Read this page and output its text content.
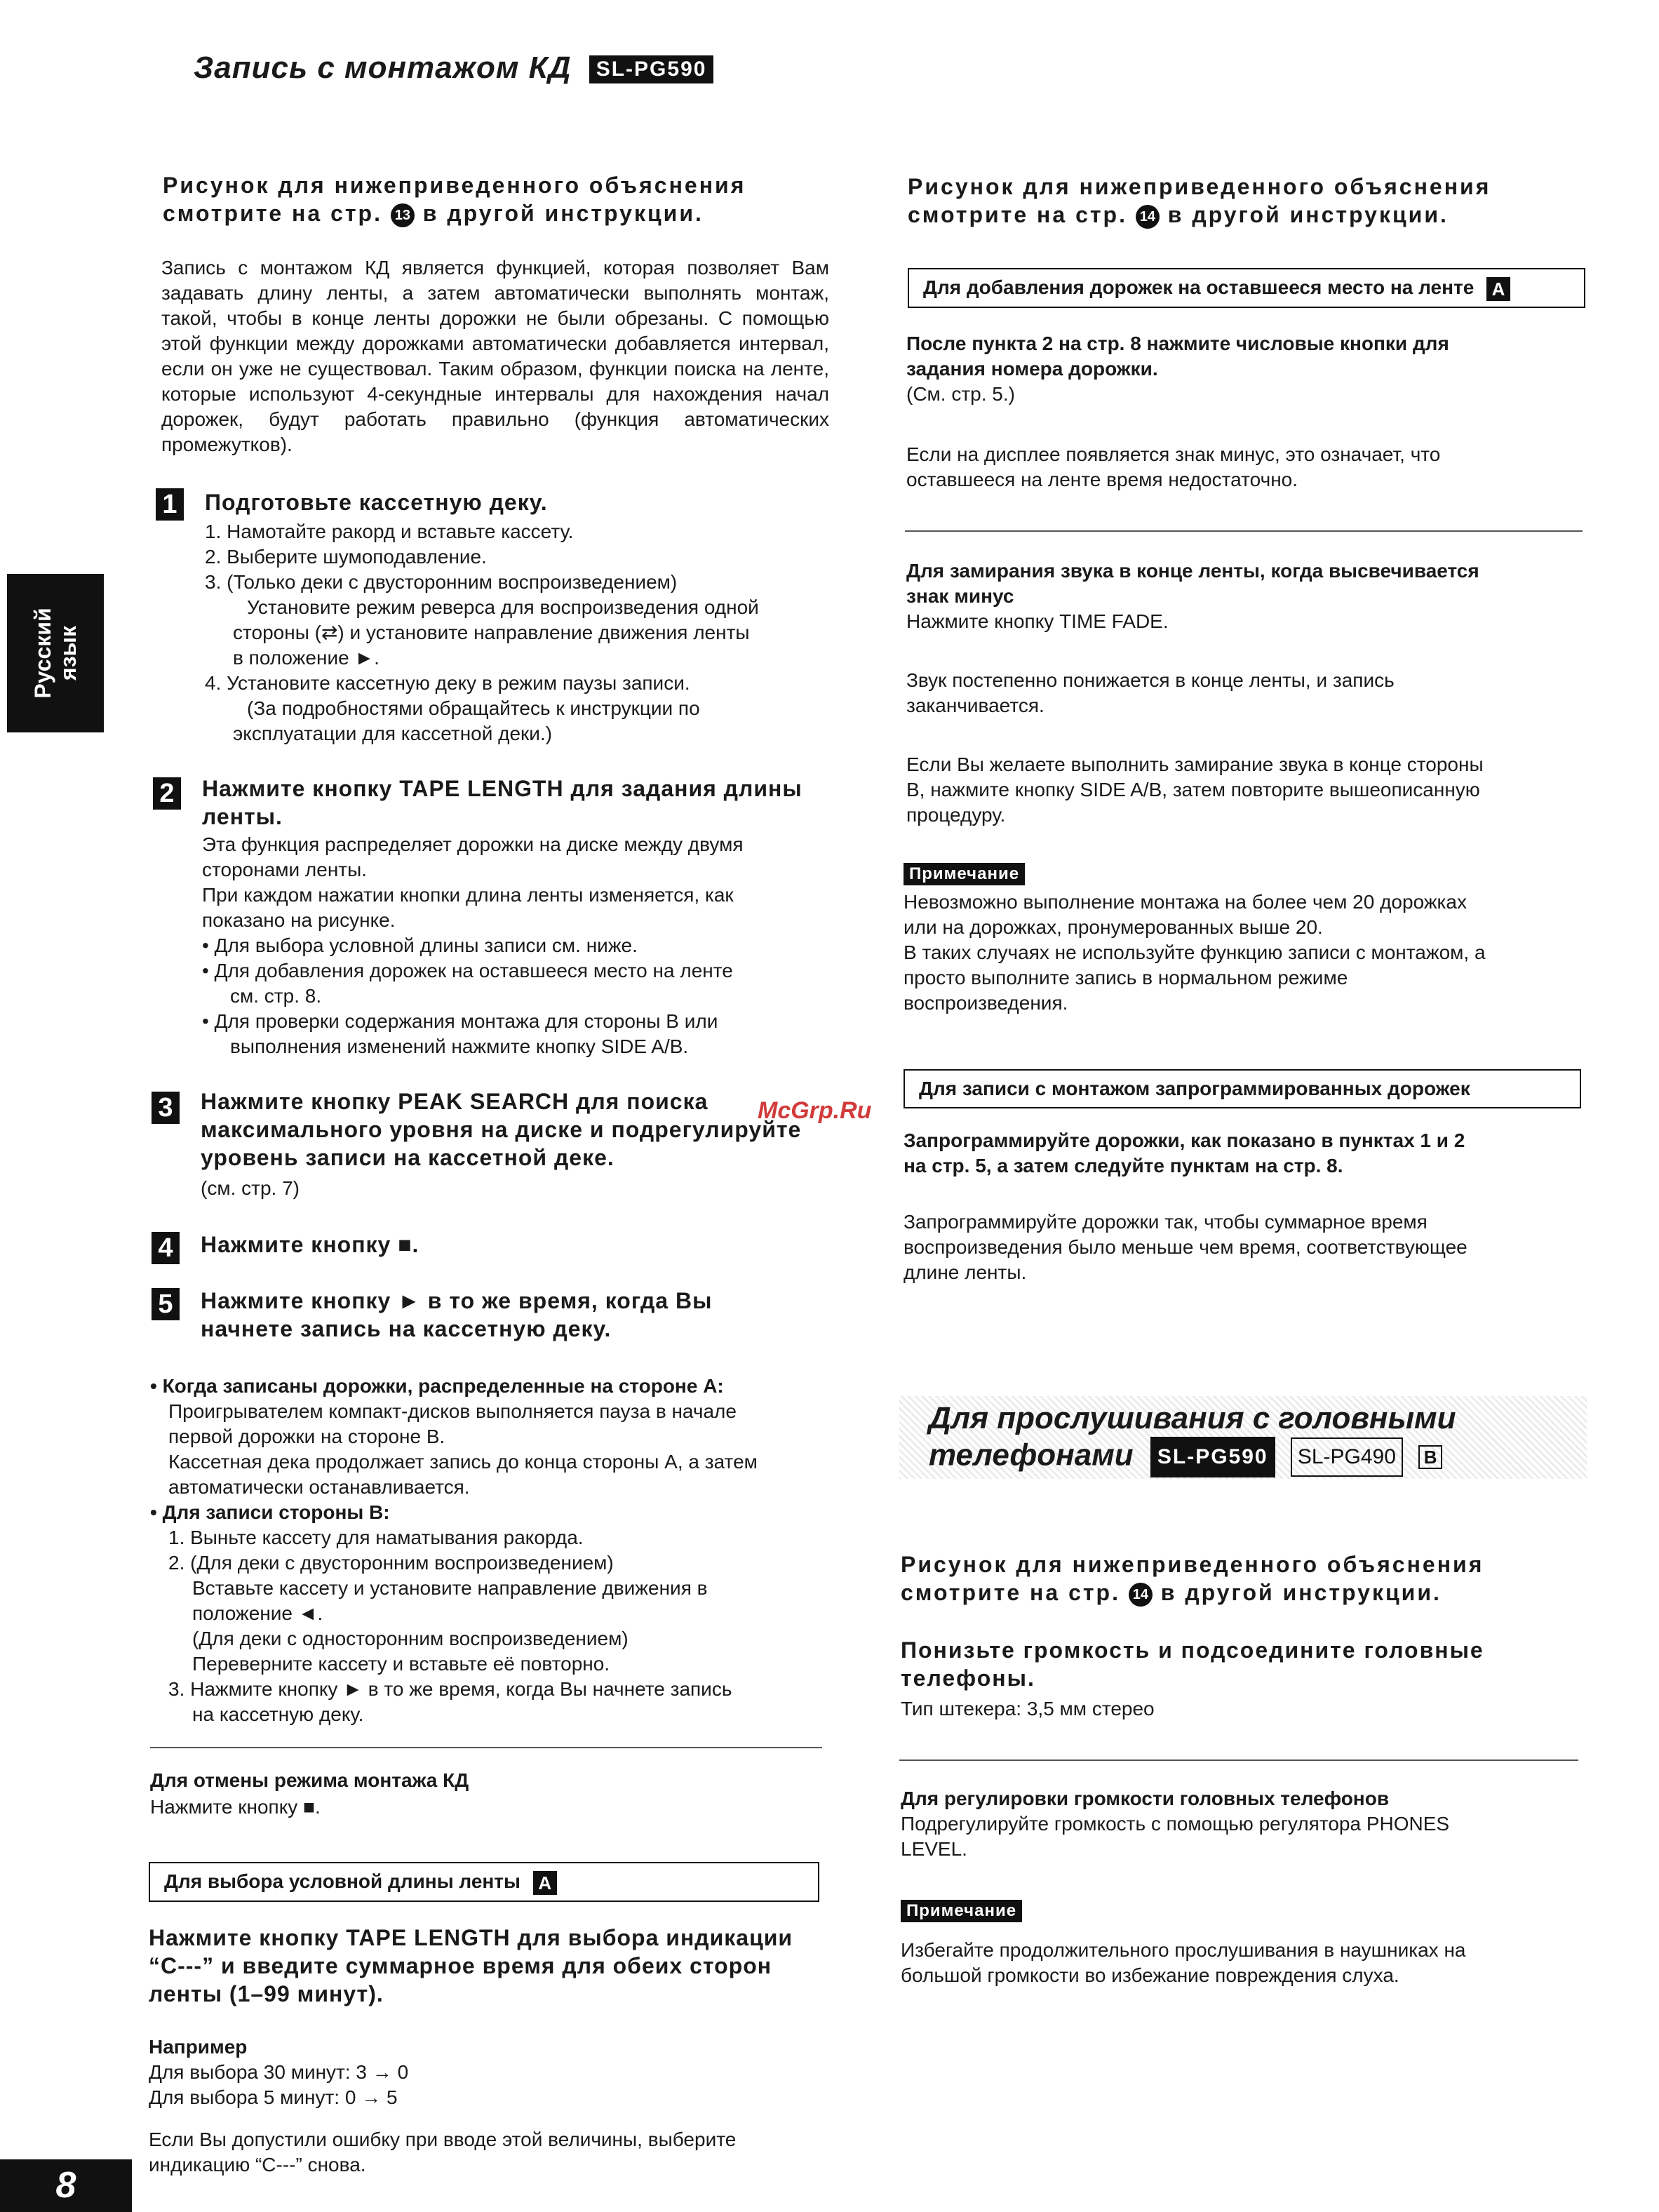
Запись с монтажом КД SL-PG590
Русский язык
McGrp.Ru
Рисунок для нижеприведенного объяснения
смотрите на стр. 13 в другой инструкции.
Запись с монтажом КД является функцией, которая позволяет Вам задавать длину ленты, а затем автоматически выполнять монтаж, такой, чтобы в конце ленты дорожки не были обрезаны. С помощью этой функции между дорожками автоматически добавляется интервал, если он уже не существовал. Таким образом, функции поиска на ленте, которые используют 4-секундные интервалы для нахождения начал дорожек, будут работать правильно (функция автоматических промежутков).
1 Подготовьте кассетную деку.
1. Намотайте ракорд и вставьте кассету.
2. Выберите шумоподавление.
3. (Только деки с двусторонним воспроизведением)
Установите режим реверса для воспроизведения одной
стороны (⇄) и установите направление движения ленты
в положение ►.
4. Установите кассетную деку в режим паузы записи.
(За подробностями обращайтесь к инструкции по
эксплуатации для кассетной деки.)
2 Нажмите кнопку TAPE LENGTH для задания длины
ленты.
Эта функция распределяет дорожки на диске между двумя
сторонами ленты.
При каждом нажатии кнопки длина ленты изменяется, как
показано на рисунке.
• Для выбора условной длины записи см. ниже.
• Для добавления дорожек на оставшееся место на ленте
см. стр. 8.
• Для проверки содержания монтажа для стороны B или
выполнения изменений нажмите кнопку SIDE A/B.
3 Нажмите кнопку PEAK SEARCH для поиска
максимального уровня на диске и подрегулируйте
уровень записи на кассетной деке.
(см. стр. 7)
4 Нажмите кнопку ■.
5 Нажмите кнопку ► в то же время, когда Вы
начнете запись на кассетную деку.
• Когда записаны дорожки, распределенные на стороне А:
Проигрывателем компакт-дисков выполняется пауза в начале
первой дорожки на стороне B.
Кассетная дека продолжает запись до конца стороны А, а затем
автоматически останавливается.
• Для записи стороны B:
1. Выньте кассету для наматывания ракорда.
2. (Для деки с двусторонним воспроизведением)
Вставьте кассету и установите направление движения в
положение ◄.
(Для деки с односторонним воспроизведением)
Переверните кассету и вставьте её повторно.
3. Нажмите кнопку ► в то же время, когда Вы начнете запись
на кассетную деку.
Для отмены режима монтажа КД
Нажмите кнопку ■.
Для выбора условной длины ленты A
Нажмите кнопку TAPE LENGTH для выбора индикации
“C---” и введите суммарное время для обеих сторон
ленты (1–99 минут).
Например
Для выбора 30 минут: 3 → 0
Для выбора 5 минут: 0 → 5
Если Вы допустили ошибку при вводе этой величины, выберите
индикацию “C---” снова.
8
Рисунок для нижеприведенного объяснения
смотрите на стр. 14 в другой инструкции.
Для добавления дорожек на оставшееся место на ленте A
После пункта 2 на стр. 8 нажмите числовые кнопки для
задания номера дорожки.
(См. стр. 5.)
Если на дисплее появляется знак минус, это означает, что
оставшееся на ленте время недостаточно.
Для замирания звука в конце ленты, когда высвечивается
знак минус
Нажмите кнопку TIME FADE.
Звук постепенно понижается в конце ленты, и запись
заканчивается.
Если Вы желаете выполнить замирание звука в конце стороны
B, нажмите кнопку SIDE A/B, затем повторите вышеописанную
процедуру.
Примечание
Невозможно выполнение монтажа на более чем 20 дорожках
или на дорожках, пронумерованных выше 20.
В таких случаях не используйте функцию записи с монтажом, а
просто выполните запись в нормальном режиме
воспроизведения.
Для записи с монтажом запрограммированных дорожек
Запрограммируйте дорожки, как показано в пунктах 1 и 2
на стр. 5, а затем следуйте пунктам на стр. 8.
Запрограммируйте дорожки так, чтобы суммарное время
воспроизведения было меньше чем время, соответствующее
длине ленты.
Для прослушивания с головными
телефонами SL-PG590 SL-PG490 B
Рисунок для нижеприведенного объяснения
смотрите на стр. 14 в другой инструкции.
Понизьте громкость и подсоедините головные
телефоны.
Тип штекера: 3,5 мм стерео
Для регулировки громкости головных телефонов
Подрегулируйте громкость с помощью регулятора PHONES
LEVEL.
Примечание
Избегайте продолжительного прослушивания в наушниках на
большой громкости во избежание повреждения слуха.
